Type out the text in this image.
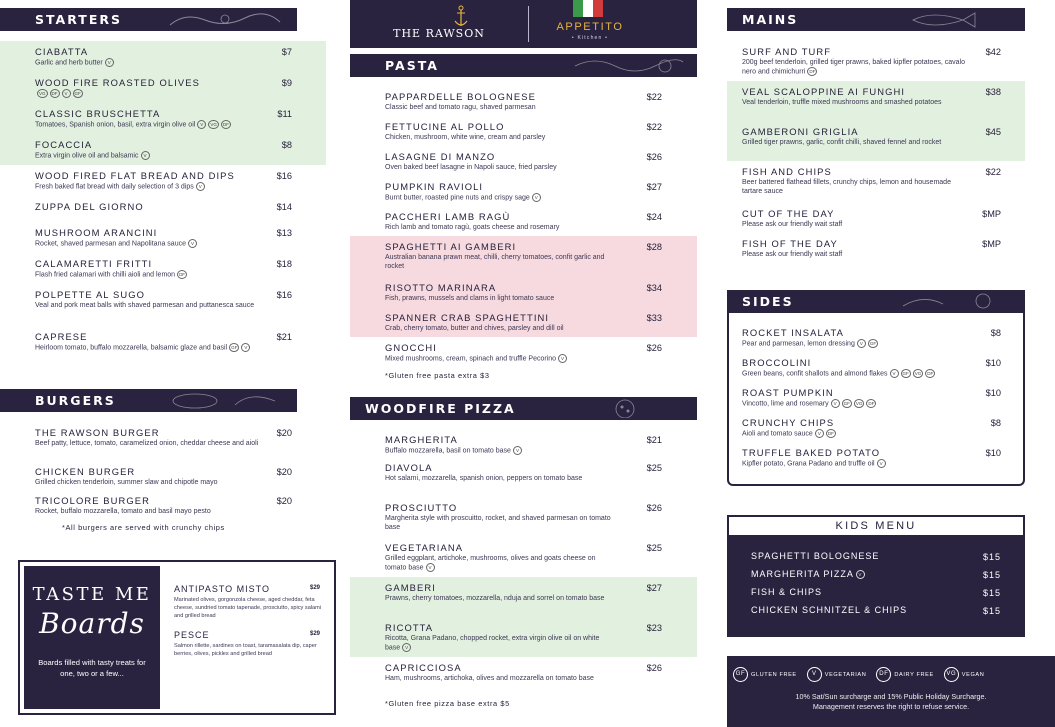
STARTERS
CIABATTA
Garlic and herb butter V
$7
WOOD FIRE ROASTED OLIVES
VG DF V GF
$9
CLASSIC BRUSCHETTA
Tomatoes, Spanish onion, basil, extra virgin olive oil V VG DF
$11
FOCACCIA
Extra virgin olive oil and balsamic V
$8
WOOD FIRED FLAT BREAD AND DIPS
Fresh baked flat bread with daily selection of 3 dips V
$16
ZUPPA DEL GIORNO	$14
MUSHROOM ARANCINI
Rocket, shaved parmesan and Napolitana sauce V
$13
CALAMARETTI FRITTI
Flash fried calamari with chilli aioli and lemon DF
$18
POLPETTE AL SUGO
Veal and pork meat balls with shaved parmesan and puttanesca sauce
$16
CAPRESE
Heirloom tomato, buffalo mozzarella, balsamic glaze and basil GF V
$21
BURGERS
THE RAWSON BURGER
Beef patty, lettuce, tomato, caramelized onion, cheddar cheese and aioli
$20
CHICKEN BURGER
Grilled chicken tenderloin, summer slaw and chipotle mayo
$20
TRICOLORE BURGER
Rocket, buffalo mozzarella, tomato and basil mayo pesto
$20
*All burgers are served with crunchy chips
TASTE ME
Boards
Boards filled with tasty treats for one, two or a few...
ANTIPASTO MISTO	$29
Marinated olives, gorgonzola cheese, aged cheddar, feta cheese, sundried tomato tapenade, prosciutto, spicy salami and grilled bread
PESCE	$29
Salmon rillette, sardines on toast, taramasalata dip, caper berries, olives, pickles and grilled bread
THE RAWSON	APPETITO
• Kitchen •
PASTA
PAPPARDELLE BOLOGNESE
Classic beef and tomato ragu, shaved parmesan
$22
FETTUCINE AL POLLO
Chicken, mushroom, white wine, cream and parsley
$22
LASAGNE DI MANZO
Oven baked beef lasagne in Napoli sauce, fried parsley
$26
PUMPKIN RAVIOLI
Burnt butter, roasted pine nuts and crispy sage V
$27
PACCHERI LAMB RAGÙ
Rich lamb and tomato ragù, goats cheese and rosemary
$24
SPAGHETTI AI GAMBERI
Australian banana prawn meat, chilli, cherry tomatoes, confit garlic and rocket
$28
RISOTTO MARINARA
Fish, prawns, mussels and clams in light tomato sauce
$34
SPANNER CRAB SPAGHETTINI
Crab, cherry tomato, butter and chives, parsley and dill oil
$33
GNOCCHI
Mixed mushrooms, cream, spinach and truffle Pecorino V
$26
*Gluten free pasta extra $3
WOODFIRE PIZZA
MARGHERITA
Buffalo mozzarella, basil on tomato base V
$21
DIAVOLA
Hot salami, mozzarella, spanish onion, peppers on tomato base
$25
PROSCIUTTO
Margherita style with proscuitto, rocket, and shaved parmesan on tomato base
$26
VEGETARIANA
Grilled eggplant, artichoke, mushrooms, olives and goats cheese on tomato base V
$25
GAMBERI
Prawns, cherry tomatoes, mozzarella, nduja and sorrel on tomato base
$27
RICOTTA
Ricotta, Grana Padano, chopped rocket, extra virgin olive oil on white base V
$23
CAPRICCIOSA
Ham, mushrooms, artichoka, olives and mozzarella on tomato base
$26
*Gluten free pizza base extra $5
MAINS
SURF AND TURF
200g beef tenderloin, grilled tiger prawns, baked kipfler potatoes, cavalo nero and chimichurri DF
$42
VEAL SCALOPPINE AI FUNGHI
Veal tenderloin, truffle mixed mushrooms and smashed potatoes
$38
GAMBERONI GRIGLIA
Grilled tiger prawns, garlic, confit chilli, shaved fennel and rocket
$45
FISH AND CHIPS
Beer battered flathead fillets, crunchy chips, lemon and housemade tartare sauce
$22
CUT OF THE DAY
Please ask our friendly wait staff
$MP
FISH OF THE DAY
Please ask our friendly wait staff
$MP
SIDES
ROCKET INSALATA
Pear and parmesan, lemon dressing V GF
$8
BROCCOLINI
Green beans, confit shallots and almond flakes V GF VG DF
$10
ROAST PUMPKIN
Vincotto, lime and rosemary V GF VG DF
$10
CRUNCHY CHIPS
Aioli and tomato sauce V DF
$8
TRUFFLE BAKED POTATO
Kipfler potato, Grana Padano and truffle oil V
$10
KIDS MENU
SPAGHETTI BOLOGNESE	$15
MARGHERITA PIZZA V	$15
FISH & CHIPS	$15
CHICKEN SCHNITZEL & CHIPS	$15
GF GLUTEN FREE	V VEGETARIAN DF DAIRY FREE VG VEGAN
10% Sat/Sun surcharge and 15% Public Holiday Surcharge.
Management reserves the right to refuse service.
